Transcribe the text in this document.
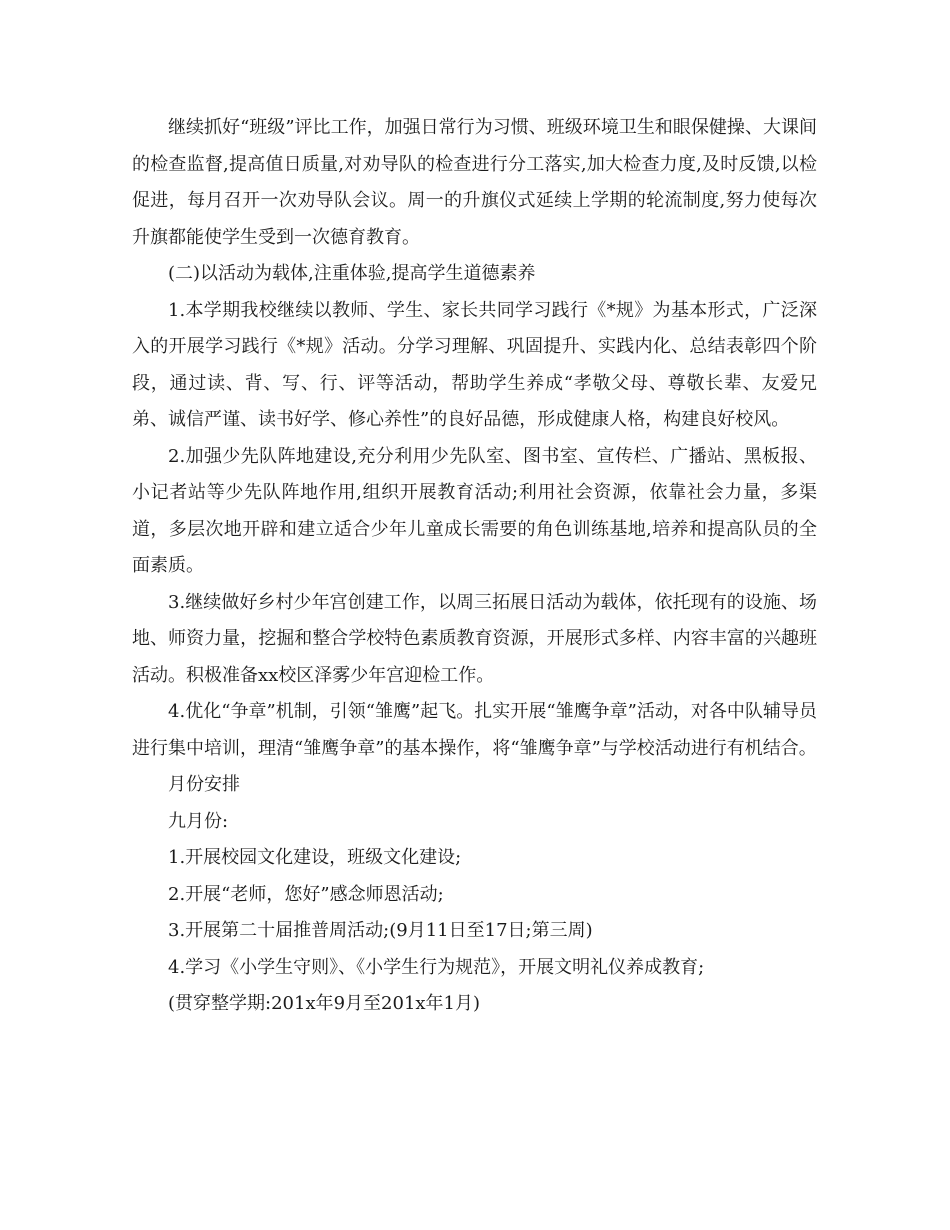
继续抓好“班级”评比工作，加强日常行为习惯、班级环境卫生和眼保健操、大课间的检查监督,提高值日质量,对劝导队的检查进行分工落实,加大检查力度,及时反馈,以检促进，每月召开一次劝导队会议。周一的升旗仪式延续上学期的轮流制度,努力使每次升旗都能使学生受到一次德育教育。

(二)以活动为载体,注重体验,提高学生道德素养

1.本学期我校继续以教师、学生、家长共同学习践行《*规》为基本形式，广泛深入的开展学习践行《*规》活动。分学习理解、巩固提升、实践内化、总结表彰四个阶段，通过读、背、写、行、评等活动，帮助学生养成“孝敬父母、尊敬长辈、友爱兄弟、诚信严谨、读书好学、修心养性”的良好品德，形成健康人格，构建良好校风。

2.加强少先队阵地建设,充分利用少先队室、图书室、宣传栏、广播站、黑板报、小记者站等少先队阵地作用,组织开展教育活动;利用社会资源，依靠社会力量，多渠道，多层次地开辟和建立适合少年儿童成长需要的角色训练基地,培养和提高队员的全面素质。

3.继续做好乡村少年宫创建工作，以周三拓展日活动为载体，依托现有的设施、场地、师资力量，挖掘和整合学校特色素质教育资源，开展形式多样、内容丰富的兴趣班活动。积极准备xx校区泽雾少年宫迎检工作。

4.优化“争章”机制，引领“雏鹰”起飞。扎实开展“雏鹰争章”活动，对各中队辅导员进行集中培训，理清“雏鹰争章”的基本操作，将“雏鹰争章”与学校活动进行有机结合。

月份安排

九月份:

1.开展校园文化建设，班级文化建设;

2.开展“老师，您好”感念师恩活动;

3.开展第二十届推普周活动;(9月11日至17日;第三周)

4.学习《小学生守则》、《小学生行为规范》，开展文明礼仪养成教育;

(贯穿整学期:201x年9月至201x年1月)
